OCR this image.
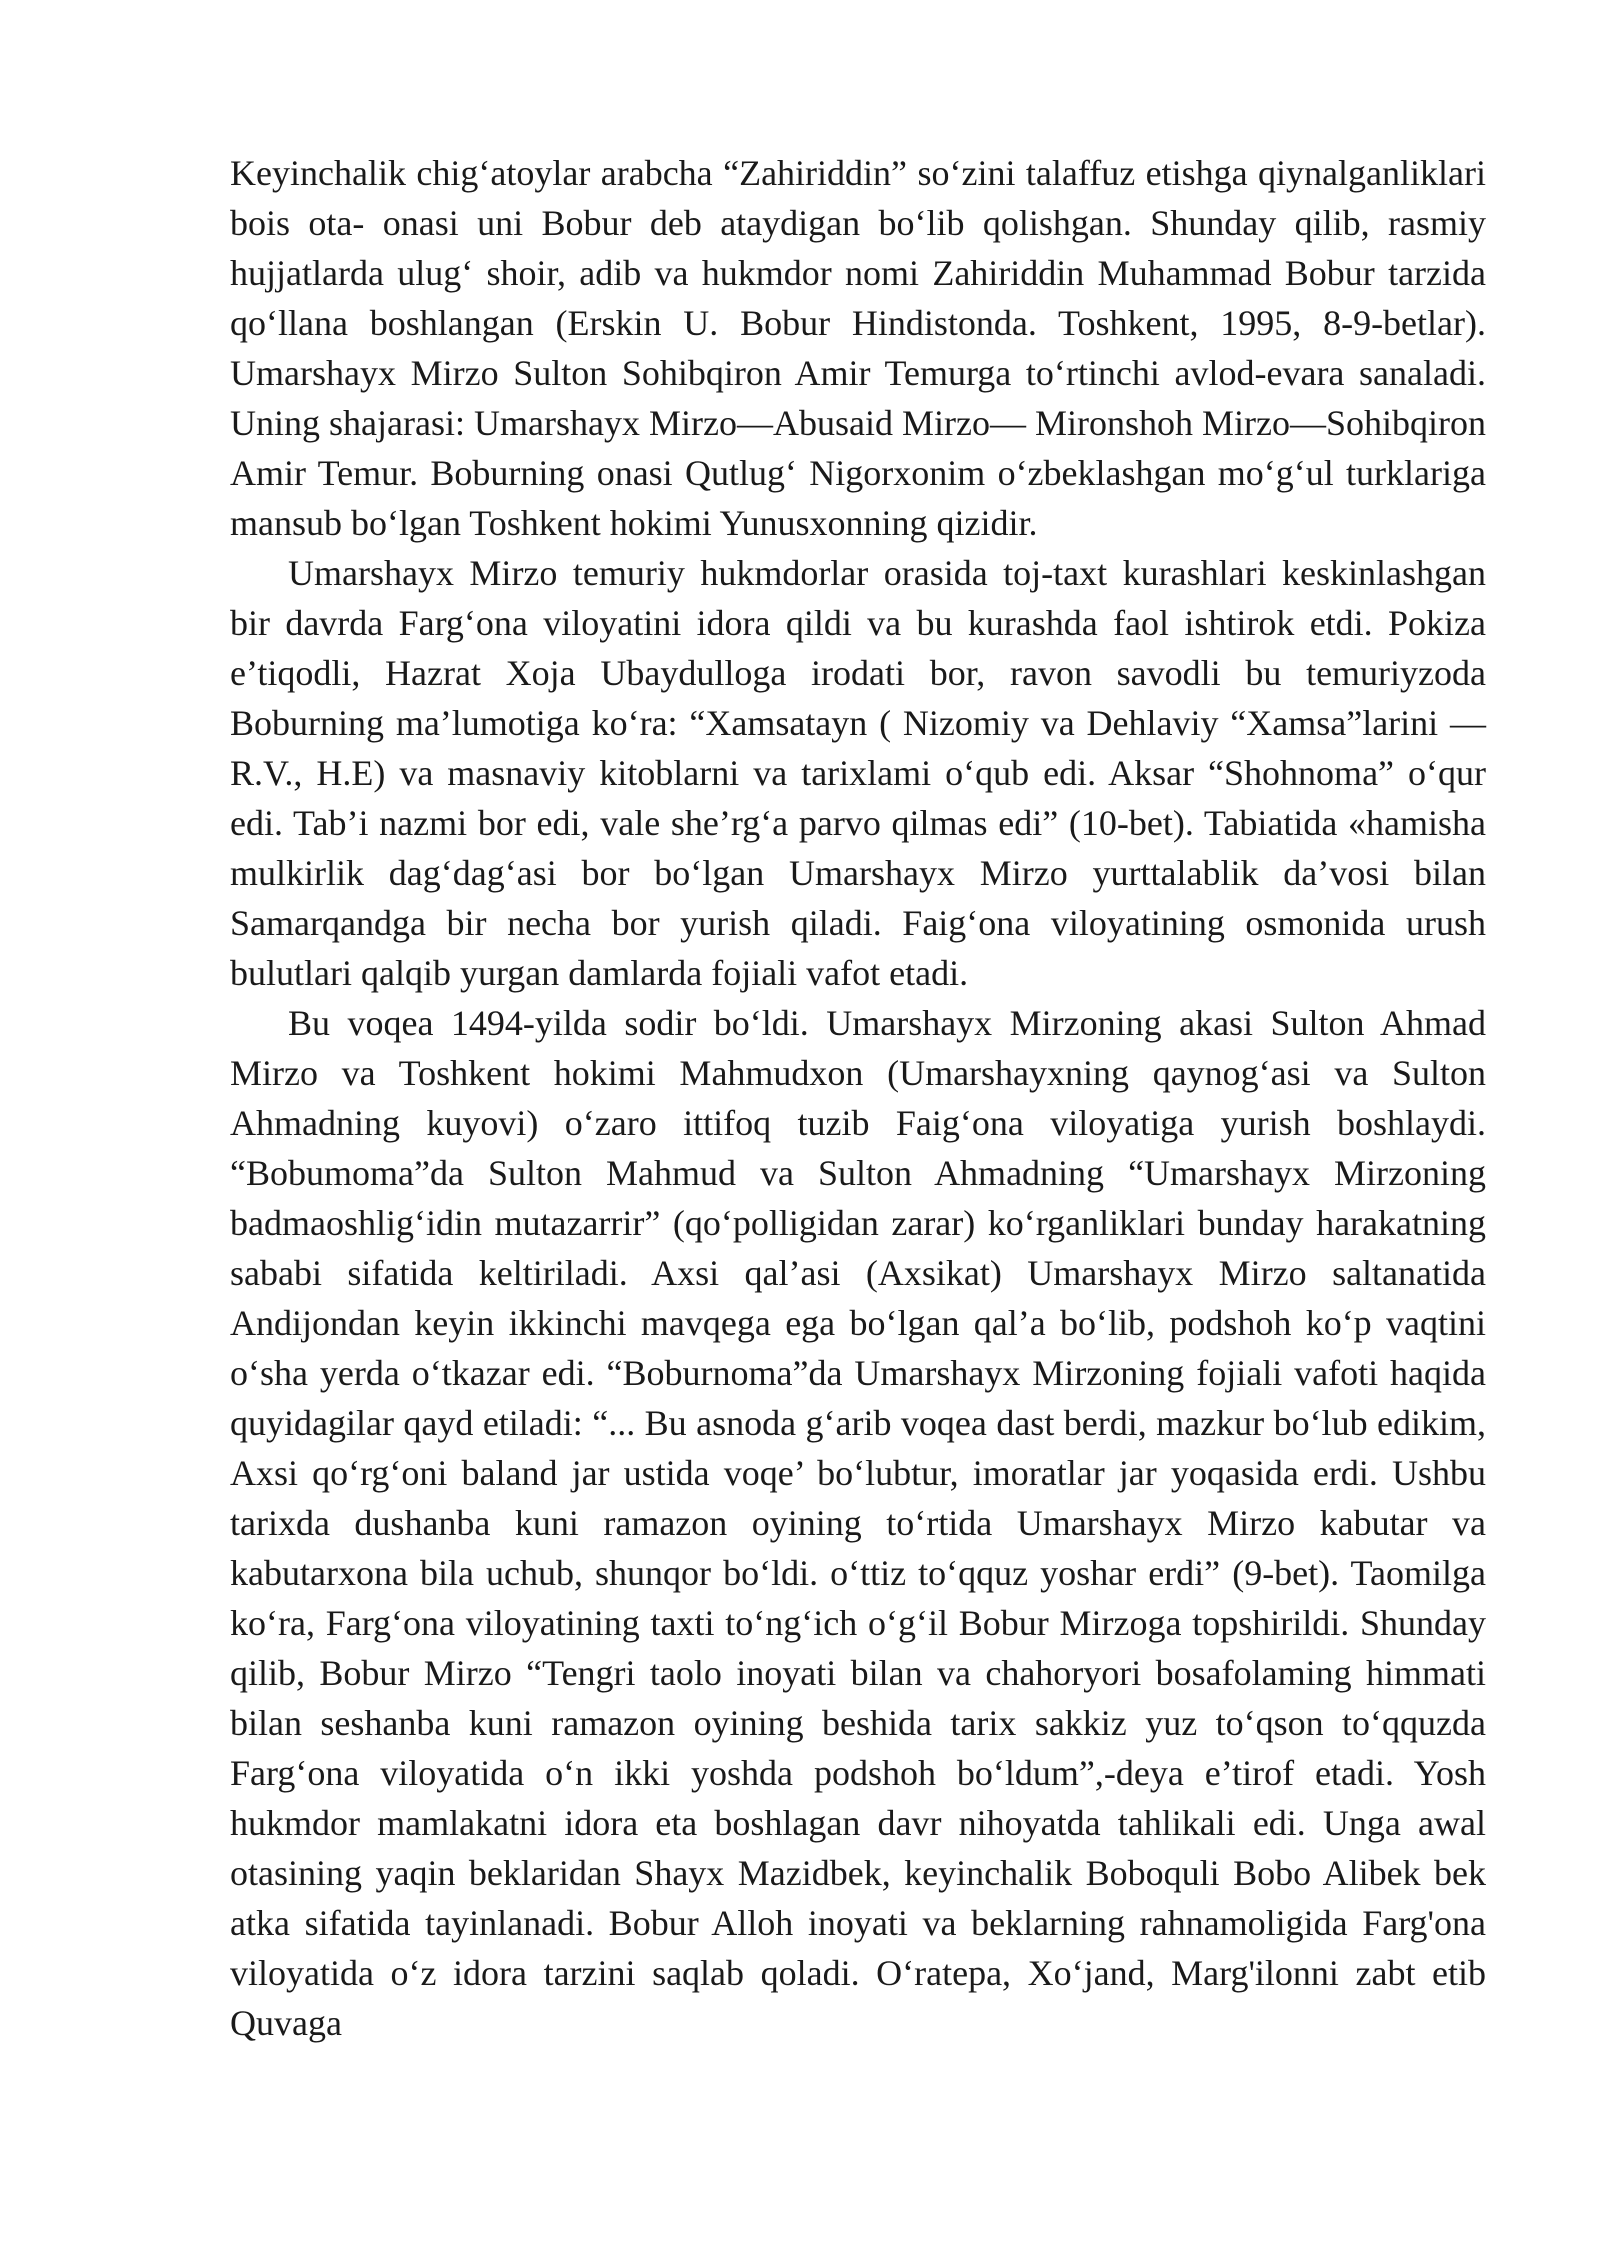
Keyinchalik chig‘atoylar arabcha “Zahiriddin” so‘zini talaffuz etishga qiynalganliklari bois ota- onasi uni Bobur deb ataydigan bo‘lib qolishgan. Shunday qilib, rasmiy hujjatlarda ulug‘ shoir, adib va hukmdor nomi Zahiriddin Muhammad Bobur tarzida qo‘llana boshlangan (Erskin U. Bobur Hindistonda. Toshkent, 1995, 8-9-betlar). Umarshayx Mirzo Sulton Sohibqiron Amir Temurga to‘rtinchi avlod-evara sanaladi. Uning shajarasi: Umarshayx Mirzo—Abusaid Mirzo— Mironshoh Mirzo—Sohibqiron Amir Temur. Boburning onasi Qutlug‘ Nigorxonim o‘zbeklashgan mo‘g‘ul turklariga mansub bo‘lgan Toshkent hokimi Yunusxonning qizidir.

Umarshayx Mirzo temuriy hukmdorlar orasida toj-taxt kurashlari keskinlashgan bir davrda Farg‘ona viloyatini idora qildi va bu kurashda faol ishtirok etdi. Pokiza e’tiqodli, Hazrat Xoja Ubaydulloga irodati bor, ravon savodli bu temuriyzoda Boburning ma’lumotiga ko‘ra: “Xamsatayn ( Nizomiy va Dehlaviy “Xamsa”larini — R.V., H.E) va masnaviy kitoblarni va tarixlami o‘qub edi. Aksar “Shohnoma” o‘qur edi. Tab’i nazmi bor edi, vale she’rg‘a parvo qilmas edi” (10-bet). Tabiatida «hamisha mulkirlik dag‘dag‘asi bor bo‘lgan Umarshayx Mirzo yurttalablik da’vosi bilan Samarqandga bir necha bor yurish qiladi. Faig‘ona viloyatining osmonida urush bulutlari qalqib yurgan damlarda fojiali vafot etadi.

Bu voqea 1494-yilda sodir bo‘ldi. Umarshayx Mirzoning akasi Sulton Ahmad Mirzo va Toshkent hokimi Mahmudxon (Umarshayxning qaynog‘asi va Sulton Ahmadning kuyovi) o‘zaro ittifoq tuzib Faig‘ona viloyatiga yurish boshlaydi. “Bobumoma”da Sulton Mahmud va Sulton Ahmadning “Umarshayx Mirzoning badmaoshlig‘idin mutazarrir” (qo‘polligidan zarar) ko‘rganliklari bunday harakatning sababi sifatida keltiriladi. Axsi qal’asi (Axsikat) Umarshayx Mirzo saltanatida Andijondan keyin ikkinchi mavqega ega bo‘lgan qal’a bo‘lib, podshoh ko‘p vaqtini o‘sha yerda o‘tkazar edi. “Boburnoma”da Umarshayx Mirzoning fojiali vafoti haqida quyidagilar qayd etiladi: “... Bu asnoda g‘arib voqea dast berdi, mazkur bo‘lub edikim, Axsi qo‘rg‘oni baland jar ustida voqe’ bo‘lubtur, imoratlar jar yoqasida erdi. Ushbu tarixda dushanba kuni ramazon oyining to‘rtida Umarshayx Mirzo kabutar va kabutarxona bila uchub, shunqor bo‘ldi. o‘ttiz to‘qquz yoshar erdi” (9-bet). Taomilga ko‘ra, Farg‘ona viloyatining taxti to‘ng‘ich o‘g‘il Bobur Mirzoga topshirildi. Shunday qilib, Bobur Mirzo “Tengri taolo inoyati bilan va chahoryori bosafolaming himmati bilan seshanba kuni ramazon oyining beshida tarix sakkiz yuz to‘qson to‘qquzda Farg‘ona viloyatida o‘n ikki yoshda podshoh bo‘ldum”,-deya e’tirof etadi. Yosh hukmdor mamlakatni idora eta boshlagan davr nihoyatda tahlikali edi. Unga awal otasining yaqin beklaridan Shayx Mazidbek, keyinchalik Boboquli Bobo Alibek bek atka sifatida tayinlanadi. Bobur Alloh inoyati va beklarning rahnamoligida Farg'ona viloyatida o‘z idora tarzini saqlab qoladi. O‘ratepa, Xo‘jand, Marg'ilonni zabt etib Quvaga
